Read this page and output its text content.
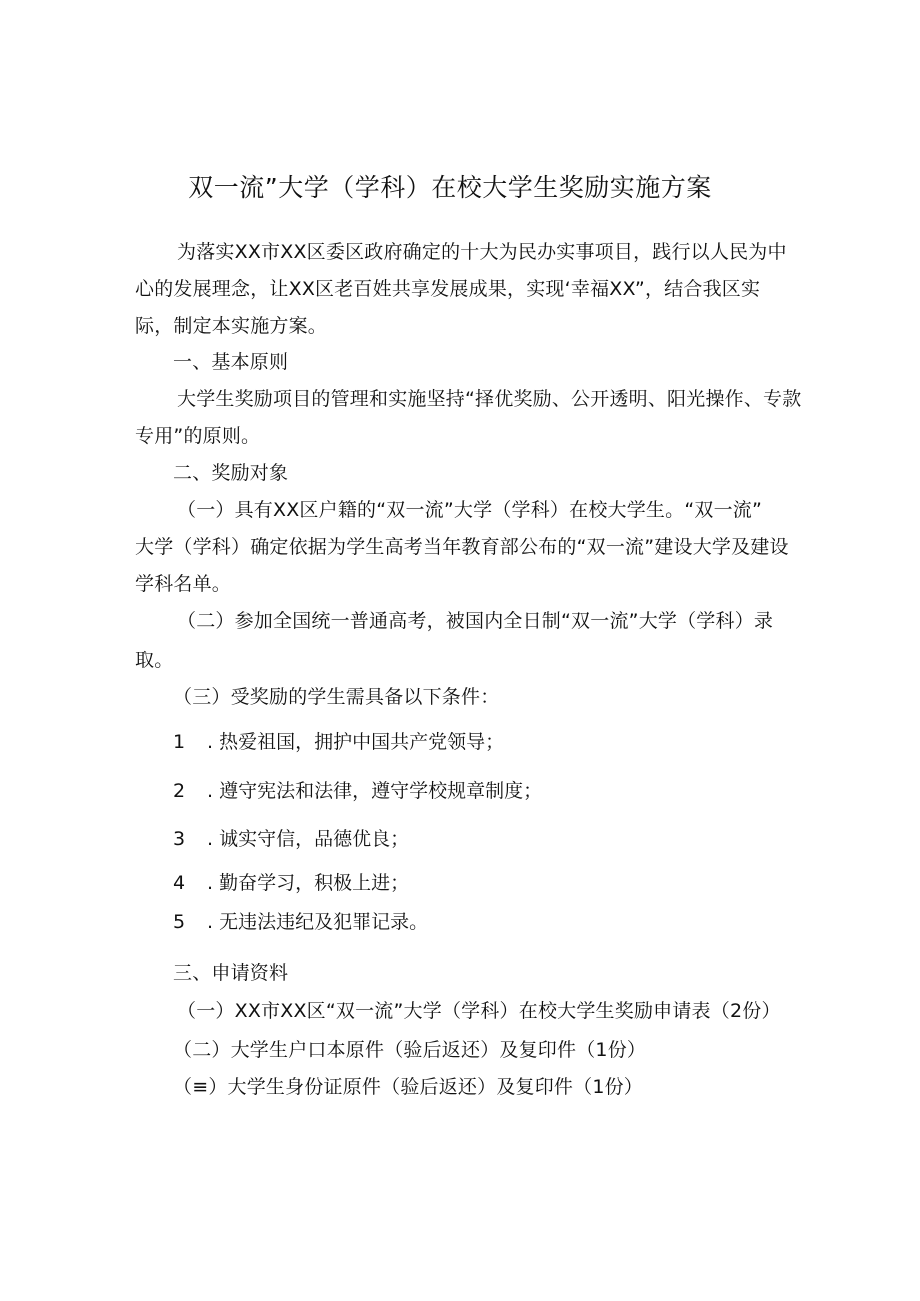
双一流”大学（学科）在校大学生奖励实施方案
为落实XX市XX区委区政府确定的十大为民办实事项目，践行以人民为中
心的发展理念，让XX区老百姓共享发展成果，实现‘幸福XX”，结合我区实
际，制定本实施方案。
一、基本原则
大学生奖励项目的管理和实施坚持“择优奖励、公开透明、阳光操作、专款
专用”的原则。
二、奖励对象
（一）具有XX区户籍的“双一流”大学（学科）在校大学生。“双一流”
大学（学科）确定依据为学生高考当年教育部公布的“双一流”建设大学及建设
学科名单。
（二）参加全国统一普通高考，被国内全日制“双一流”大学（学科）录
取。
（三）受奖励的学生需具备以下条件：
1 . 热爱祖国，拥护中国共产党领导；
2 . 遵守宪法和法律，遵守学校规章制度；
3 . 诚实守信，品德优良；
4 . 勤奋学习，积极上进；
5 . 无违法违纪及犯罪记录。
三、申请资料
（一）XX市XX区“双一流”大学（学科）在校大学生奖励申请表（2份）
（二）大学生户口本原件（验后返还）及复印件（1份）
（≡）大学生身份证原件（验后返还）及复印件（1份）
